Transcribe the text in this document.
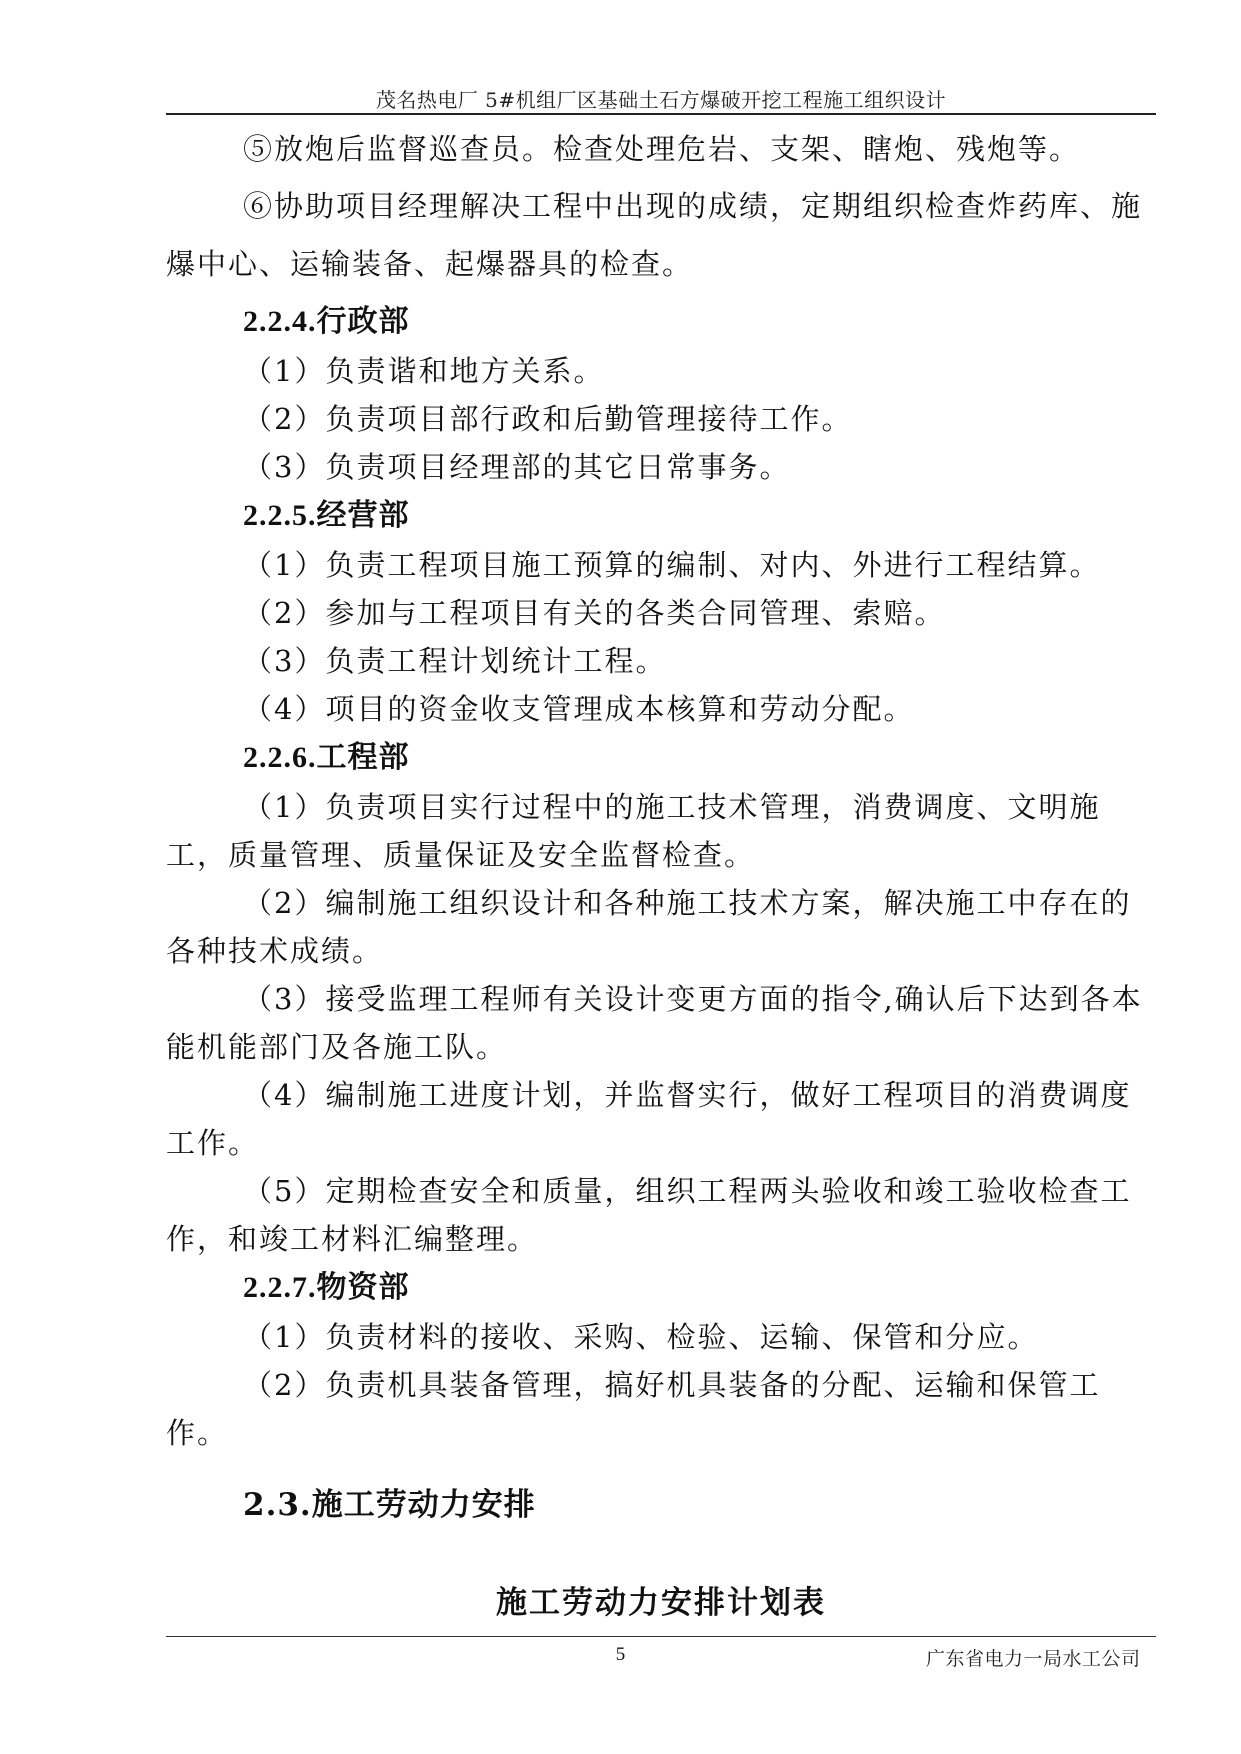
茂名热电厂 5#机组厂区基础土石方爆破开挖工程施工组织设计

⑤放炮后监督巡查员。检查处理危岩、支架、瞎炮、残炮等。

⑥协助项目经理解决工程中出现的成绩，定期组织检查炸药库、施爆中心、运输装备、起爆器具的检查。

2.2.4.行政部

（1）负责谐和地方关系。

（2）负责项目部行政和后勤管理接待工作。

（3）负责项目经理部的其它日常事务。

2.2.5.经营部

（1）负责工程项目施工预算的编制、对内、外进行工程结算。

（2）参加与工程项目有关的各类合同管理、索赔。

（3）负责工程计划统计工程。

（4）项目的资金收支管理成本核算和劳动分配。

2.2.6.工程部

（1）负责项目实行过程中的施工技术管理，消费调度、文明施工，质量管理、质量保证及安全监督检查。

（2）编制施工组织设计和各种施工技术方案，解决施工中存在的各种技术成绩。

（3）接受监理工程师有关设计变更方面的指令,确认后下达到各本能机能部门及各施工队。

（4）编制施工进度计划，并监督实行，做好工程项目的消费调度工作。

（5）定期检查安全和质量，组织工程两头验收和竣工验收检查工作，和竣工材料汇编整理。

2.2.7.物资部

（1）负责材料的接收、采购、检验、运输、保管和分应。

（2）负责机具装备管理，搞好机具装备的分配、运输和保管工作。

2.3.施工劳动力安排
施工劳动力安排计划表
5	广东省电力一局水工公司
